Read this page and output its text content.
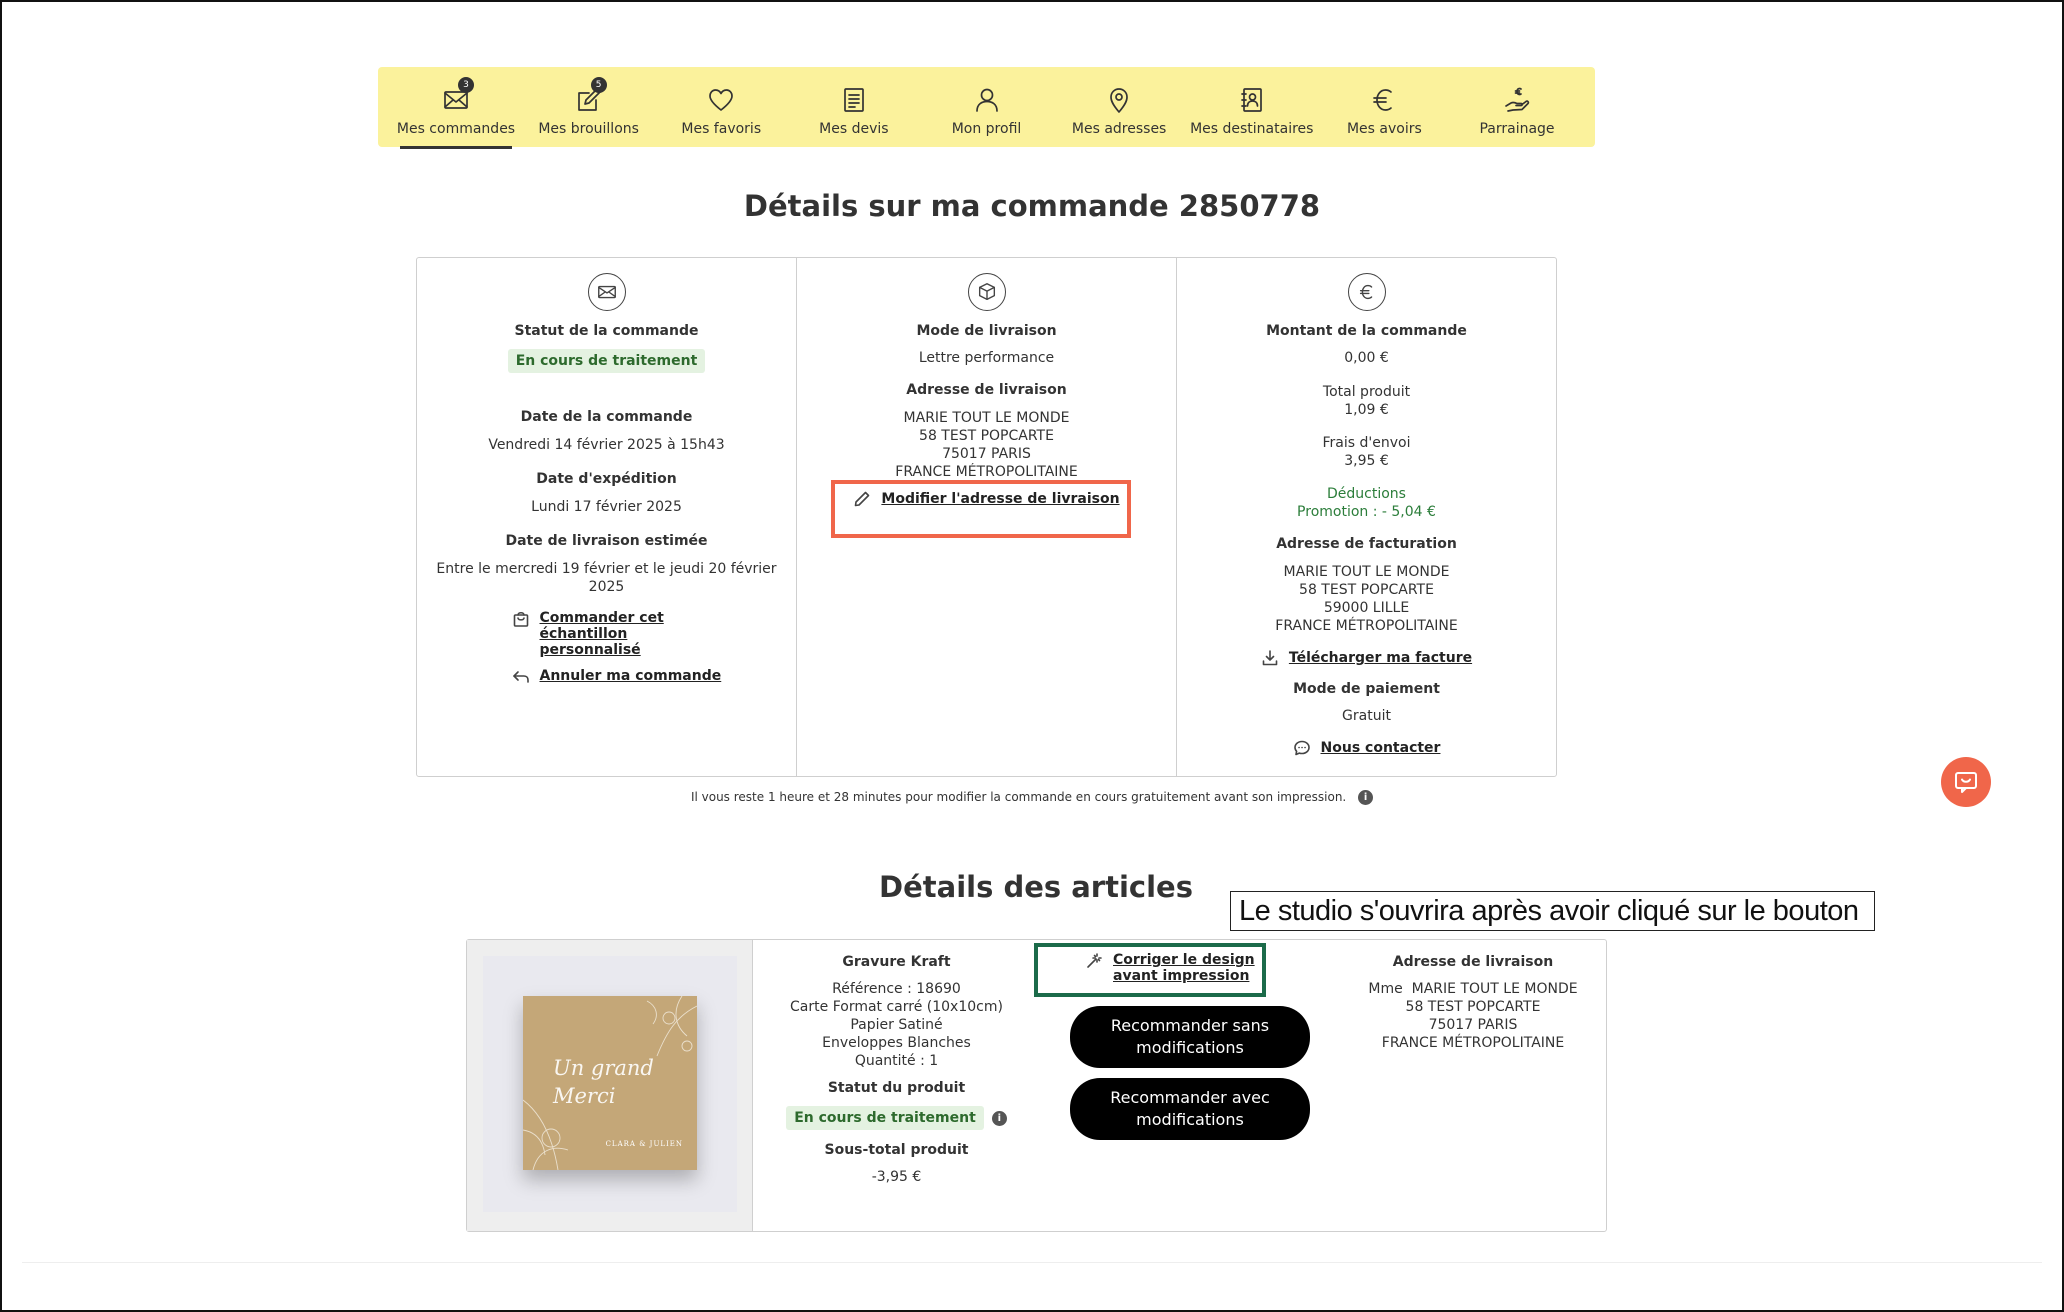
3
Mes commandes
5
Mes brouillons	Mes favoris	Mes devis	Mon profil	Mes adresses Mes destinataires Mes avoirs	Parrainage
Détails sur ma commande 2850778
Statut de la commande
En cours de traitement
Date de la commande
Vendredi 14 février 2025 à 15h43
Date d'expédition
Lundi 17 février 2025
Date de livraison estimée
Entre le mercredi 19 février et le jeudi 20 février 2025
Commander cet échantillon personnalisé
Annuler ma commande
Mode de livraison
Lettre performance
Adresse de livraison
MARIE TOUT LE MONDE
58 TEST POPCARTE
75017 PARIS
FRANCE MÉTROPOLITAINE
Modifier l'adresse de livraison
Montant de la commande
0,00 €
Total produit
1,09 €
Frais d'envoi
3,95 €
Déductions
Promotion : - 5,04 €
Adresse de facturation
MARIE TOUT LE MONDE
58 TEST POPCARTE
59000 LILLE
FRANCE MÉTROPOLITAINE
Télécharger ma facture
Mode de paiement
Gratuit
Nous contacter
Il vous reste 1 heure et 28 minutes pour modifier la commande en cours gratuitement avant son impression. i
Détails des articles
Le studio s'ouvrira après avoir cliqué sur le bouton
Un grand Merci
CLARA & JULIEN
Gravure Kraft
Référence : 18690
Carte Format carré (10x10cm)
Papier Satiné
Enveloppes Blanches
Quantité : 1
Statut du produit
En cours de traitement	i
Sous-total produit
-3,95 €
Corriger le design avant impression
Recommander sans modifications
Recommander avec modifications
Adresse de livraison
Mme  MARIE TOUT LE MONDE
58 TEST POPCARTE
75017 PARIS
FRANCE MÉTROPOLITAINE
